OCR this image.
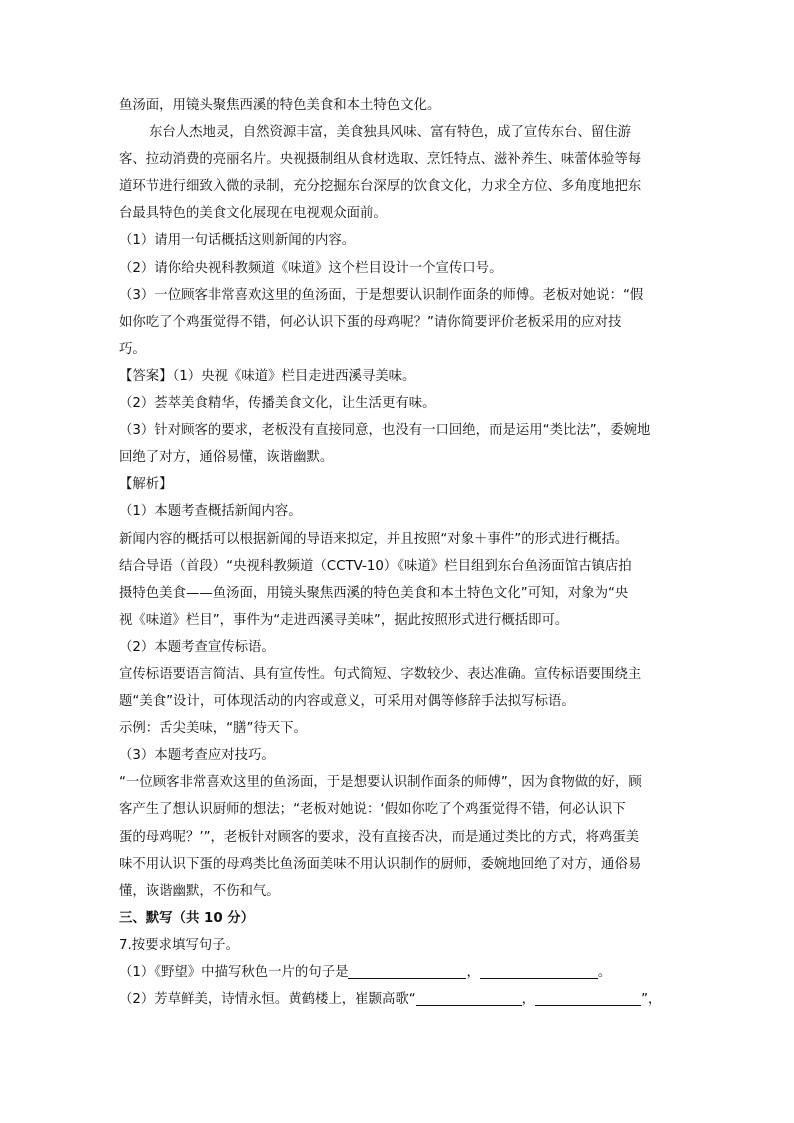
鱼汤面，用镜头聚焦西溪的特色美食和本土特色文化。
东台人杰地灵，自然资源丰富，美食独具风味、富有特色，成了宣传东台、留住游
客、拉动消费的亮丽名片。央视摄制组从食材选取、烹饪特点、滋补养生、味蕾体验等每
道环节进行细致入微的录制，充分挖掘东台深厚的饮食文化，力求全方位、多角度地把东
台最具特色的美食文化展现在电视观众面前。
（1）请用一句话概括这则新闻的内容。
（2）请你给央视科教频道《味道》这个栏目设计一个宣传口号。
（3）一位顾客非常喜欢这里的鱼汤面，于是想要认识制作面条的师傅。老板对她说：“假
如你吃了个鸡蛋觉得不错，何必认识下蛋的母鸡呢？”请你简要评价老板采用的应对技
巧。
【答案】（1）央视《味道》栏目走进西溪寻美味。
（2）荟萃美食精华，传播美食文化，让生活更有味。
（3）针对顾客的要求，老板没有直接同意，也没有一口回绝，而是运用“类比法”，委婉地
回绝了对方，通俗易懂，诙谐幽默。
【解析】
（1）本题考查概括新闻内容。
新闻内容的概括可以根据新闻的导语来拟定，并且按照“对象＋事件”的形式进行概括。
结合导语（首段）“央视科教频道（CCTV-10）《味道》栏目组到东台鱼汤面馆古镇店拍
摄特色美食——鱼汤面，用镜头聚焦西溪的特色美食和本土特色文化”可知，对象为“央
视《味道》栏目”，事件为“走进西溪寻美味”，据此按照形式进行概括即可。
（2）本题考查宣传标语。
宣传标语要语言简洁、具有宣传性。句式简短、字数较少、表达准确。宣传标语要围绕主
题“美食”设计，可体现活动的内容或意义，可采用对偶等修辞手法拟写标语。
示例：舌尖美味，“膳”待天下。
（3）本题考查应对技巧。
“一位顾客非常喜欢这里的鱼汤面，于是想要认识制作面条的师傅”，因为食物做的好，顾
客产生了想认识厨师的想法；“老板对她说：‘假如你吃了个鸡蛋觉得不错，何必认识下
蛋的母鸡呢？’”，老板针对顾客的要求，没有直接否决，而是通过类比的方式，将鸡蛋美
味不用认识下蛋的母鸡类比鱼汤面美味不用认识制作的厨师，委婉地回绝了对方，通俗易
懂，诙谐幽默，不伤和气。
三、默写（共 10 分）
7.按要求填写句子。
（1）《野望》中描写秋色一片的句子是	，	。
（2）芳草鲜美，诗情永恒。黄鹤楼上，崔颢高歌“	，	”，
